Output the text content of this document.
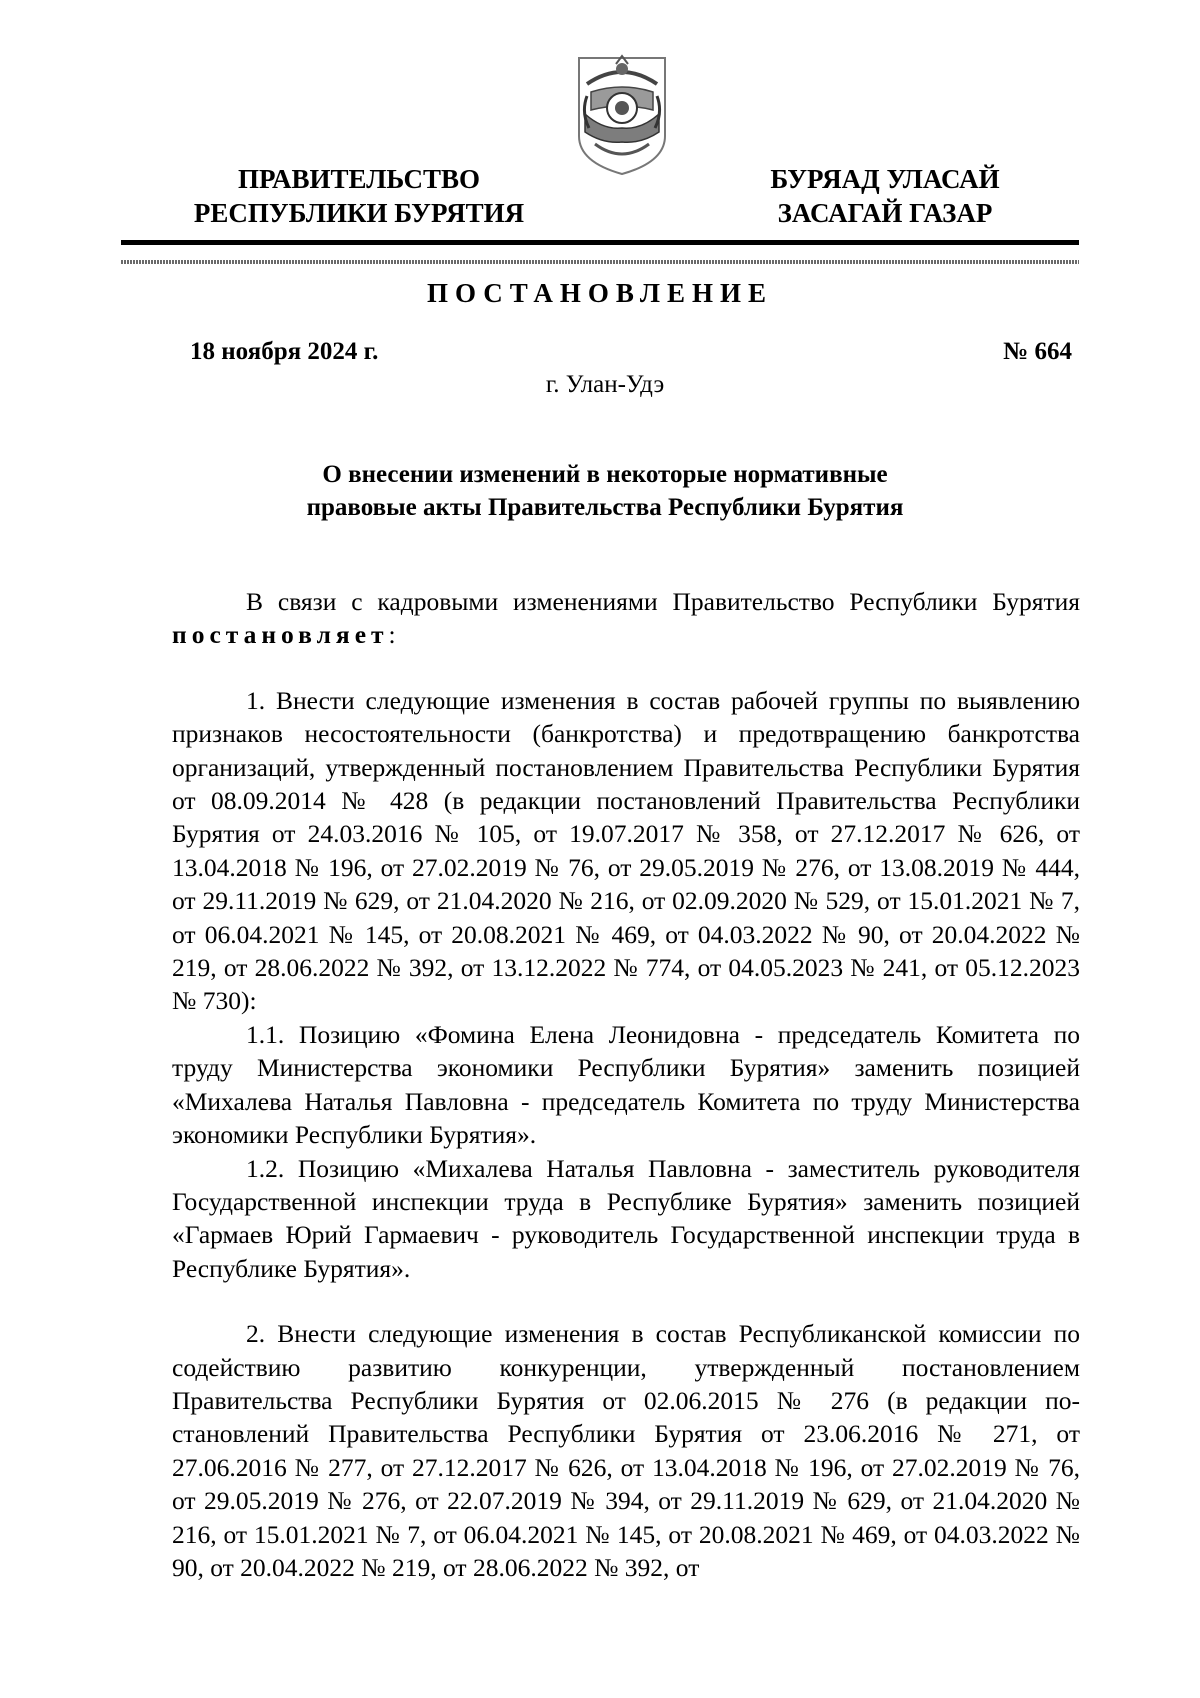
ПРАВИТЕЛЬСТВО
РЕСПУБЛИКИ БУРЯТИЯ
БУРЯАД УЛАСАЙ
ЗАСАГАЙ ГАЗАР
ПОСТАНОВЛЕНИЕ
18 ноября 2024 г.	№ 664
г. Улан-Удэ
О внесении изменений в некоторые нормативные
правовые акты Правительства Республики Бурятия

В связи с кадровыми изменениями Правительство Республики Бурятия постановляет:

1. Внести следующие изменения в состав рабочей группы по выявлению признаков несостоятельности (банкротства) и предотвращению банкротства организаций, утвержденный постановлением Правительства Республики Бурятия от 08.09.2014 № 428 (в редакции постановлений Правительства Республики Бурятия от 24.03.2016 № 105, от 19.07.2017 № 358, от 27.12.2017 № 626, от 13.04.2018 № 196, от 27.02.2019 № 76, от 29.05.2019 № 276, от 13.08.2019 № 444, от 29.11.2019 № 629, от 21.04.2020 № 216, от 02.09.2020 № 529, от 15.01.2021 № 7, от 06.04.2021 № 145, от 20.08.2021 № 469, от 04.03.2022 № 90, от 20.04.2022 № 219, от 28.06.2022 № 392, от 13.12.2022 № 774, от 04.05.2023 № 241, от 05.12.2023 № 730):

1.1. Позицию «Фомина Елена Леонидовна - председатель Комитета по труду Министерства экономики Республики Бурятия» заменить позицией «Михалева Наталья Павловна - председатель Комитета по труду Министерства экономики Республики Бурятия».

1.2. Позицию «Михалева Наталья Павловна - заместитель руководителя Государственной инспекции труда в Республике Бурятия» заменить позицией «Гармаев Юрий Гармаевич - руководитель Государственной инспекции труда в Республике Бурятия».

2. Внести следующие изменения в состав Республиканской комиссии по содействию развитию конкуренции, утвержденный постановлением Правительства Республики Бурятия от 02.06.2015 № 276 (в редакции постановлений Правительства Республики Бурятия от 23.06.2016 № 271, от 27.06.2016 № 277, от 27.12.2017 № 626, от 13.04.2018 № 196, от 27.02.2019 № 76, от 29.05.2019 № 276, от 22.07.2019 № 394, от 29.11.2019 № 629, от 21.04.2020 № 216, от 15.01.2021 № 7, от 06.04.2021 № 145, от 20.08.2021 № 469, от 04.03.2022 № 90, от 20.04.2022 № 219, от 28.06.2022 № 392, от
